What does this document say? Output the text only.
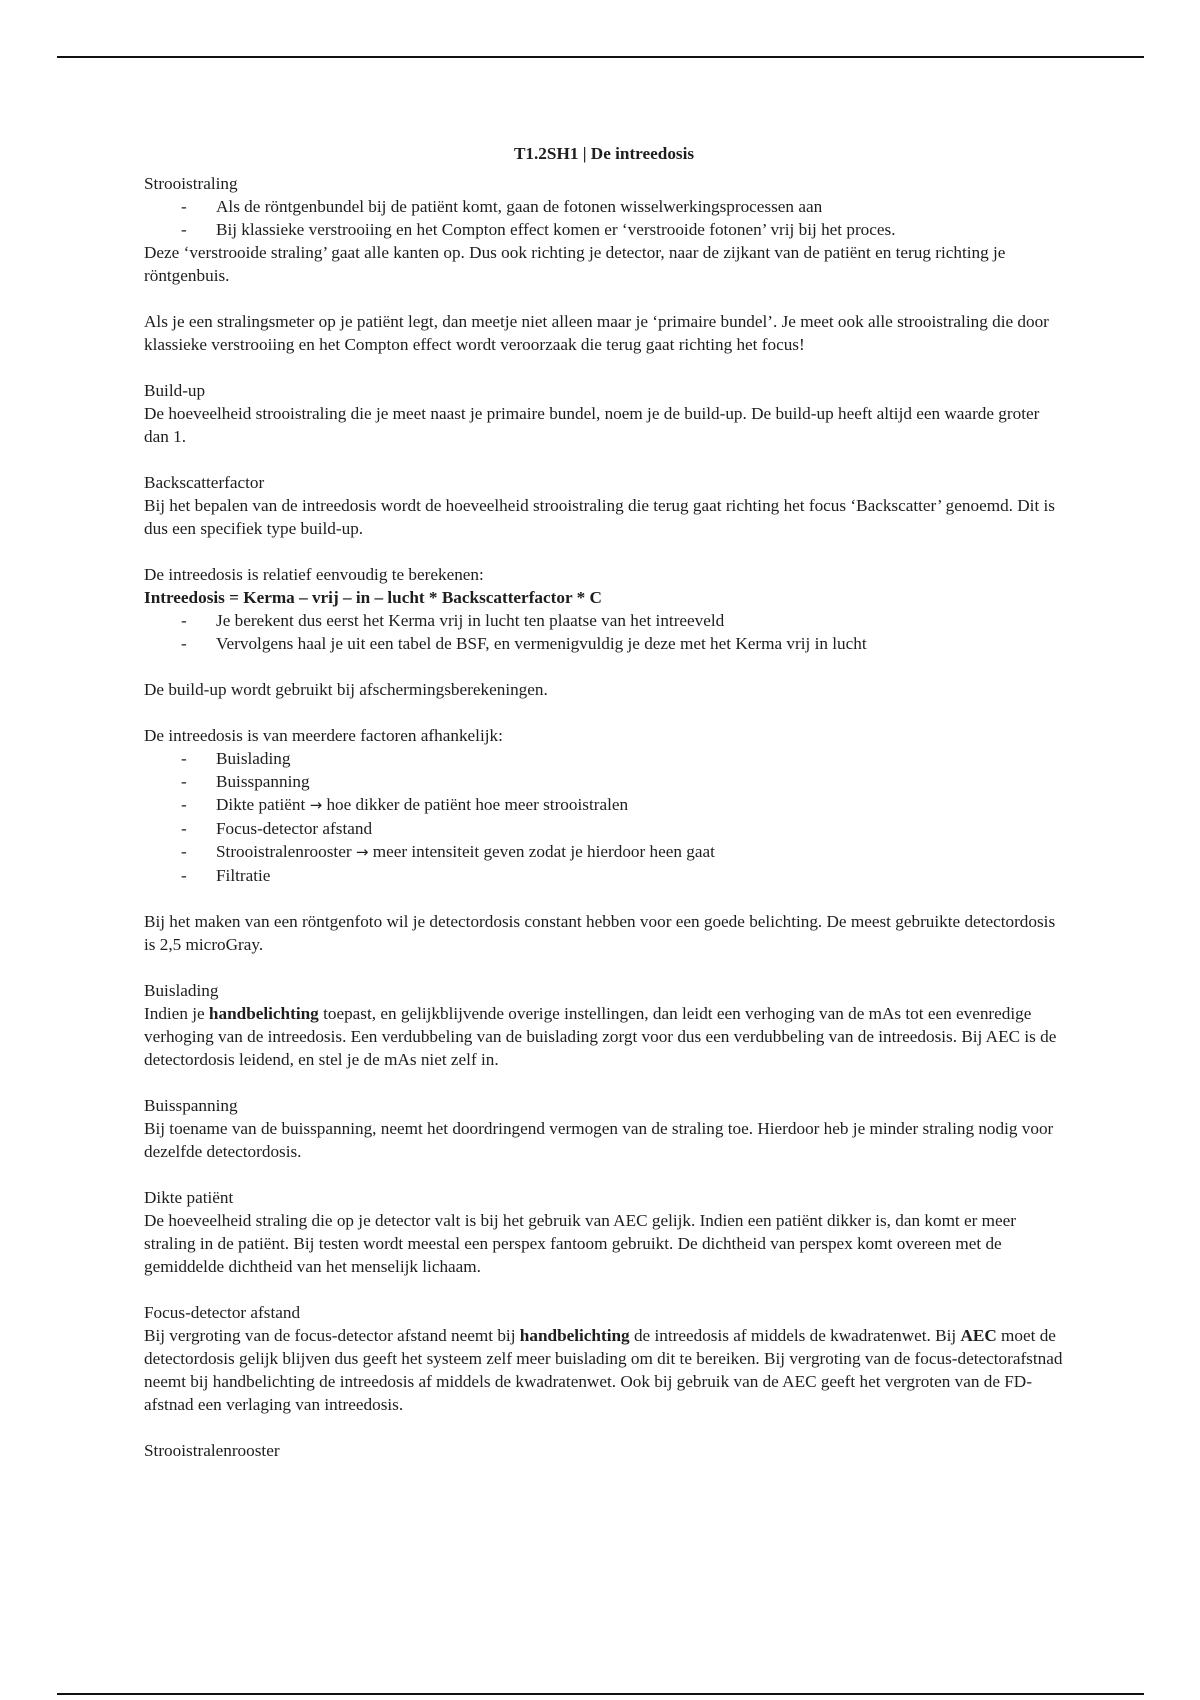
T1.2SH1 | De intreedosis

Strooistraling

- Als de röntgenbundel bij de patiënt komt, gaan de fotonen wisselwerkingsprocessen aan
- Bij klassieke verstrooiing en het Compton effect komen er ‘verstrooide fotonen’ vrij bij het proces.

Deze ‘verstrooide straling’ gaat alle kanten op. Dus ook richting je detector, naar de zijkant van de patiënt en terug richting je röntgenbuis.

Als je een stralingsmeter op je patiënt legt, dan meetje niet alleen maar je ‘primaire bundel’. Je meet ook alle strooistraling die door klassieke verstrooiing en het Compton effect wordt veroorzaak die terug gaat richting het focus!

Build-up

De hoeveelheid strooistraling die je meet naast je primaire bundel, noem je de build-up. De build-up heeft altijd een waarde groter dan 1.

Backscatterfactor

Bij het bepalen van de intreedosis wordt de hoeveelheid strooistraling die terug gaat richting het focus ‘Backscatter’ genoemd. Dit is dus een specifiek type build-up.

De intreedosis is relatief eenvoudig te berekenen:

Intreedosis = Kerma – vrij – in – lucht * Backscatterfactor * C

- Je berekent dus eerst het Kerma vrij in lucht ten plaatse van het intreeveld
- Vervolgens haal je uit een tabel de BSF, en vermenigvuldig je deze met het Kerma vrij in lucht

De build-up wordt gebruikt bij afschermingsberekeningen.

De intreedosis is van meerdere factoren afhankelijk:

- Buislading
- Buisspanning
- Dikte patiënt → hoe dikker de patiënt hoe meer strooistralen
- Focus-detector afstand
- Strooistralenrooster → meer intensiteit geven zodat je hierdoor heen gaat
- Filtratie

Bij het maken van een röntgenfoto wil je detectordosis constant hebben voor een goede belichting. De meest gebruikte detectordosis is 2,5 microGray.

Buislading

Indien je handbelichting toepast, en gelijkblijvende overige instellingen, dan leidt een verhoging van de mAs tot een evenredige verhoging van de intreedosis. Een verdubbeling van de buislading zorgt voor dus een verdubbeling van de intreedosis. Bij AEC is de detectordosis leidend, en stel je de mAs niet zelf in.

Buisspanning

Bij toename van de buisspanning, neemt het doordringend vermogen van de straling toe. Hierdoor heb je minder straling nodig voor dezelfde detectordosis.

Dikte patiënt

De hoeveelheid straling die op je detector valt is bij het gebruik van AEC gelijk. Indien een patiënt dikker is, dan komt er meer straling in de patiënt. Bij testen wordt meestal een perspex fantoom gebruikt. De dichtheid van perspex komt overeen met de gemiddelde dichtheid van het menselijk lichaam.

Focus-detector afstand

Bij vergroting van de focus-detector afstand neemt bij handbelichting de intreedosis af middels de kwadratenwet. Bij AEC moet de detectordosis gelijk blijven dus geeft het systeem zelf meer buislading om dit te bereiken. Bij vergroting van de focus-detectorafstnad neemt bij handbelichting de intreedosis af middels de kwadratenwet. Ook bij gebruik van de AEC geeft het vergroten van de FD-afstnad een verlaging van intreedosis.

Strooistralenrooster
